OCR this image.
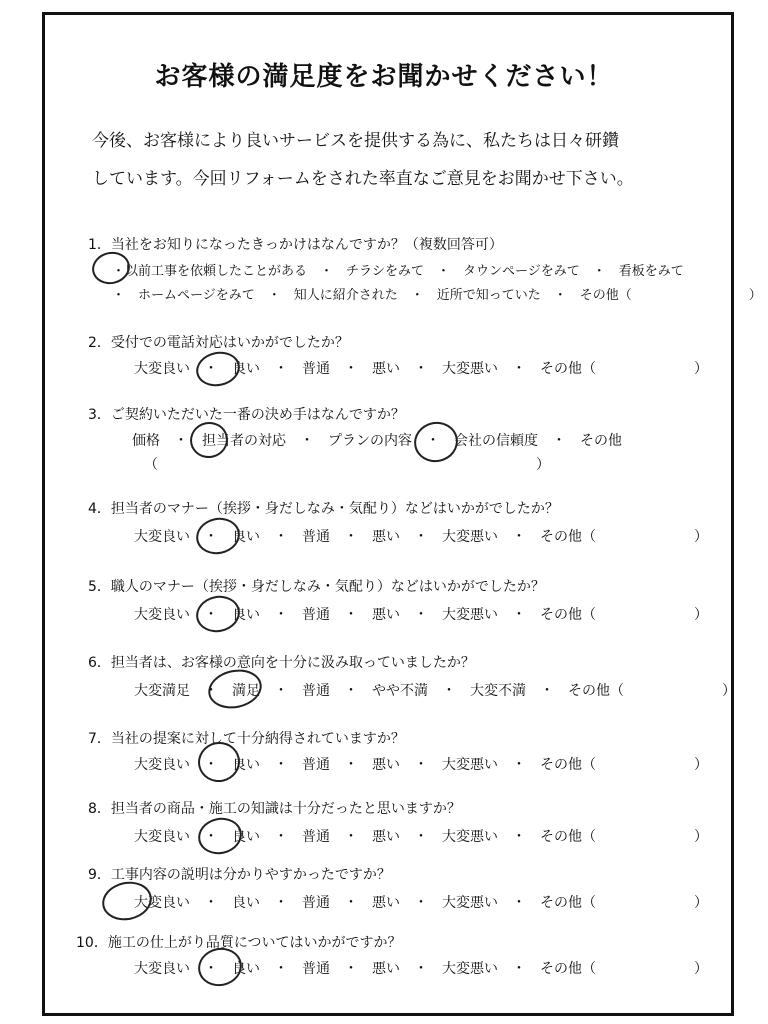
お客様の満足度をお聞かせください！
今後、お客様により良いサービスを提供する為に、私たちは日々研鑽
しています。今回リフォームをされた率直なご意見をお聞かせ下さい。
1．当社をお知りになったきっかけはなんですか？（複数回答可）
・以前工事を依頼したことがある　・　チラシをみて　・　タウンページをみて　・　看板をみて
・　ホームページをみて　・　知人に紹介された　・　近所で知っていた　・　その他（　　　　　　　　　）
2．受付での電話対応はいかがでしたか？
大変良い　・　良い　・　普通　・　悪い　・　大変悪い　・　その他（　　　　　　　）
3．ご契約いただいた一番の決め手はなんですか？
価格　・　担当者の対応　・　プランの内容　・　会社の信頼度　・　その他
（　　　　　　　　　　　　　　　　　　　　　　　　　　　）
4．担当者のマナー（挨拶・身だしなみ・気配り）などはいかがでしたか？
大変良い　・　良い　・　普通　・　悪い　・　大変悪い　・　その他（　　　　　　　）
5．職人のマナー（挨拶・身だしなみ・気配り）などはいかがでしたか？
大変良い　・　良い　・　普通　・　悪い　・　大変悪い　・　その他（　　　　　　　）
6．担当者は、お客様の意向を十分に汲み取っていましたか？
大変満足　・　満足　・　普通　・　やや不満　・　大変不満　・　その他（　　　　　　　）
7．当社の提案に対して十分納得されていますか？
大変良い　・　良い　・　普通　・　悪い　・　大変悪い　・　その他（　　　　　　　）
8．担当者の商品・施工の知識は十分だったと思いますか？
大変良い　・　良い　・　普通　・　悪い　・　大変悪い　・　その他（　　　　　　　）
9．工事内容の説明は分かりやすかったですか？
大変良い　・　良い　・　普通　・　悪い　・　大変悪い　・　その他（　　　　　　　）
10．施工の仕上がり品質についてはいかがですか？
大変良い　・　良い　・　普通　・　悪い　・　大変悪い　・　その他（　　　　　　　）
